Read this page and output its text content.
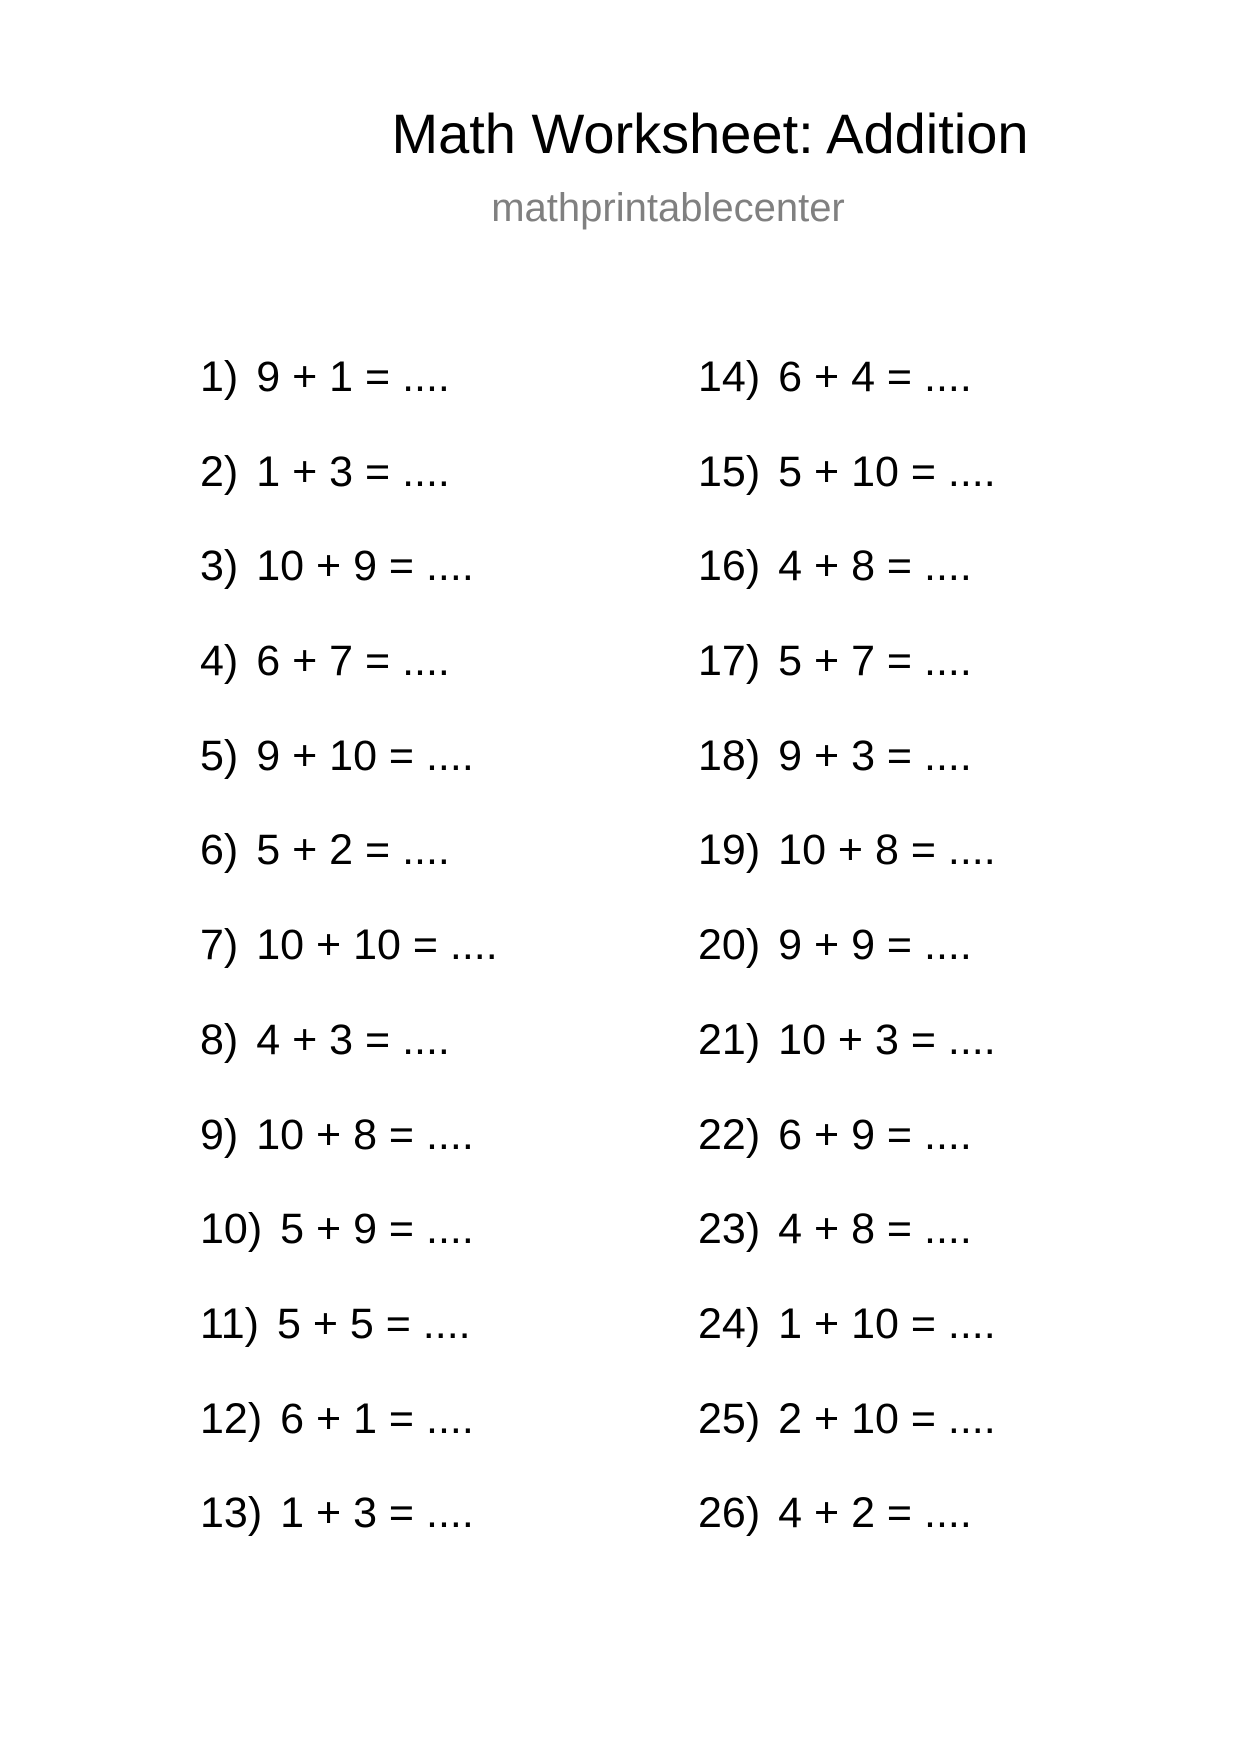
Math Worksheet: Addition
mathprintablecenter
1) 9 + 1 = ....
2) 1 + 3 = ....
3) 10 + 9 = ....
4) 6 + 7 = ....
5) 9 + 10 = ....
6) 5 + 2 = ....
7) 10 + 10 = ....
8) 4 + 3 = ....
9) 10 + 8 = ....
10) 5 + 9 = ....
11) 5 + 5 = ....
12) 6 + 1 = ....
13) 1 + 3 = ....
14) 6 + 4 = ....
15) 5 + 10 = ....
16) 4 + 8 = ....
17) 5 + 7 = ....
18) 9 + 3 = ....
19) 10 + 8 = ....
20) 9 + 9 = ....
21) 10 + 3 = ....
22) 6 + 9 = ....
23) 4 + 8 = ....
24) 1 + 10 = ....
25) 2 + 10 = ....
26) 4 + 2 = ....
